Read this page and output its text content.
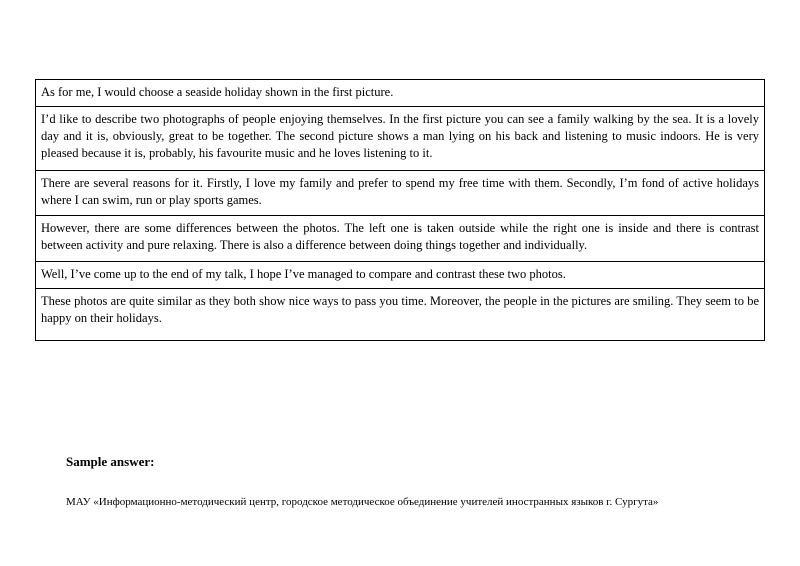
As for me, I would choose a seaside holiday shown in the first picture.
I’d like to describe two photographs of people enjoying themselves. In the first picture you can see a family walking by the sea. It is a lovely day and it is, obviously, great to be together. The second picture shows a man lying on his back and listening to music indoors. He is very pleased because it is, probably, his favourite music and he loves listening to it.
There are several reasons for it. Firstly, I love my family and prefer to spend my free time with them. Secondly, I’m fond of active holidays where I can swim, run or play sports games.
However, there are some differences between the photos. The left one is taken outside while the right one is inside and there is contrast between activity and pure relaxing. There is also a difference between doing things together and individually.
Well, I’ve come up to the end of my talk, I hope I’ve managed to compare and contrast these two photos.
These photos are quite similar as they both show nice ways to pass you time. Moreover, the people in the pictures are smiling. They seem to be happy on their holidays.

Sample answer:

МАУ «Информационно-методический центр, городское методическое объединение учителей иностранных языков г. Сургута»
